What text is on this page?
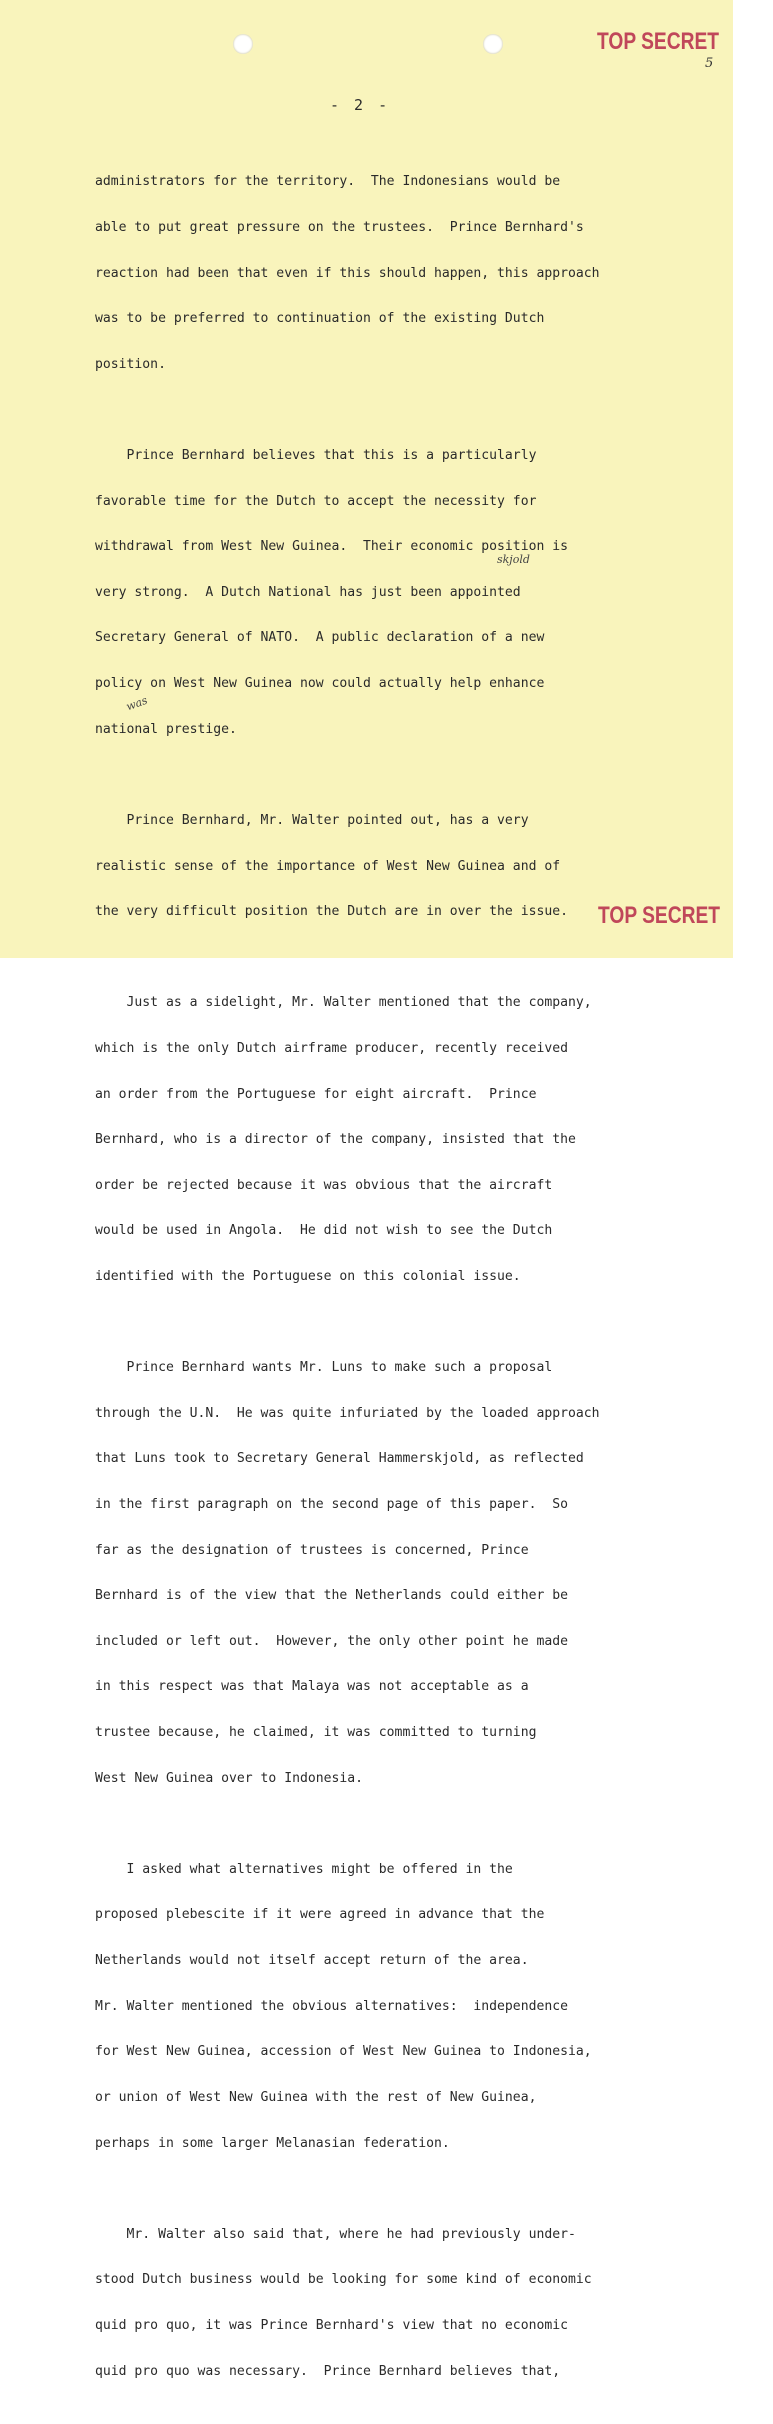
TOP SECRET
5
- 2 -

administrators for the territory.  The Indonesians would be

able to put great pressure on the trustees.  Prince Bernhard's

reaction had been that even if this should happen, this approach

was to be preferred to continuation of the existing Dutch

position.

Prince Bernhard believes that this is a particularly

favorable time for the Dutch to accept the necessity for

withdrawal from West New Guinea.  Their economic position is

very strong.  A Dutch National has just been appointed

Secretary General of NATO.  A public declaration of a new

policy on West New Guinea now could actually help enhance

national prestige.

Prince Bernhard, Mr. Walter pointed out, has a very

realistic sense of the importance of West New Guinea and of

the very difficult position the Dutch are in over the issue.

Just as a sidelight, Mr. Walter mentioned that the company,

which is the only Dutch airframe producer, recently received

an order from the Portuguese for eight aircraft.  Prince

Bernhard, who is a director of the company, insisted that the

order be rejected because it was obvious that the aircraft

would be used in Angola.  He did not wish to see the Dutch

identified with the Portuguese on this colonial issue.

Prince Bernhard wants Mr. Luns to make such a proposal

through the U.N.  He was quite infuriated by the loaded approach

that Luns took to Secretary General Hammerskjold, as reflected

in the first paragraph on the second page of this paper.  So

far as the designation of trustees is concerned, Prince

Bernhard is of the view that the Netherlands could either be

included or left out.  However, the only other point he made

in this respect was that Malaya was not acceptable as a

trustee because, he claimed, it was committed to turning

West New Guinea over to Indonesia.

I asked what alternatives might be offered in the

proposed plebescite if it were agreed in advance that the

Netherlands would not itself accept return of the area.

Mr. Walter mentioned the obvious alternatives:  independence

for West New Guinea, accession of West New Guinea to Indonesia,

or union of West New Guinea with the rest of New Guinea,

perhaps in some larger Melanasian federation.

Mr. Walter also said that, where he had previously under-

stood Dutch business would be looking for some kind of economic

quid pro quo, it was Prince Bernhard's view that no economic

quid pro quo was necessary.  Prince Bernhard believes that,

skjold
was
TOP SECRET
